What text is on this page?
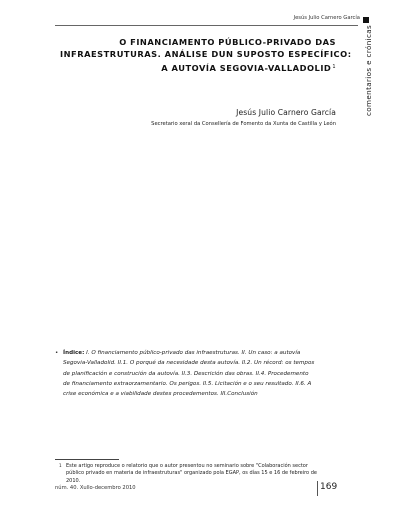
Jesús Julio Carnero García
comentarios e crónicas
O FINANCIAMENTO PÚBLICO-PRIVADO DAS
INFRAESTRUTURAS. ANÁLISE DUN SUPOSTO ESPECÍFICO:
A AUTOVÍA SEGOVIA-VALLADOLID$^1$
Jesús Julio Carnero García
Secretario xeral da Consellería de Fomento da Xunta de Castilla y León
• Índice: I. O financiamento público-privado das infraestruturas. II. Un caso: a autovía
Segovia-Valladolid. II.1. O porqué da necesidade desta autovía. II.2. Un récord: os tempos
de planificación e construción da autovía. II.3. Descrición das obras. II.4. Procedemento
de financiamento extraorzamentario. Os perigos. II.5. Licitación e o seu resultado. II.6. A
crise económica e a viabilidade destes procedementos. III.Conclusión
1 Este artigo reproduce o relatorio que o autor presentou no seminario sobre "Colaboración sector
público privado en materia de infraestruturas" organizado pola EGAP, os días 15 e 16 de febreiro de
2010.
núm. 40. Xullo-decembro 2010	169
